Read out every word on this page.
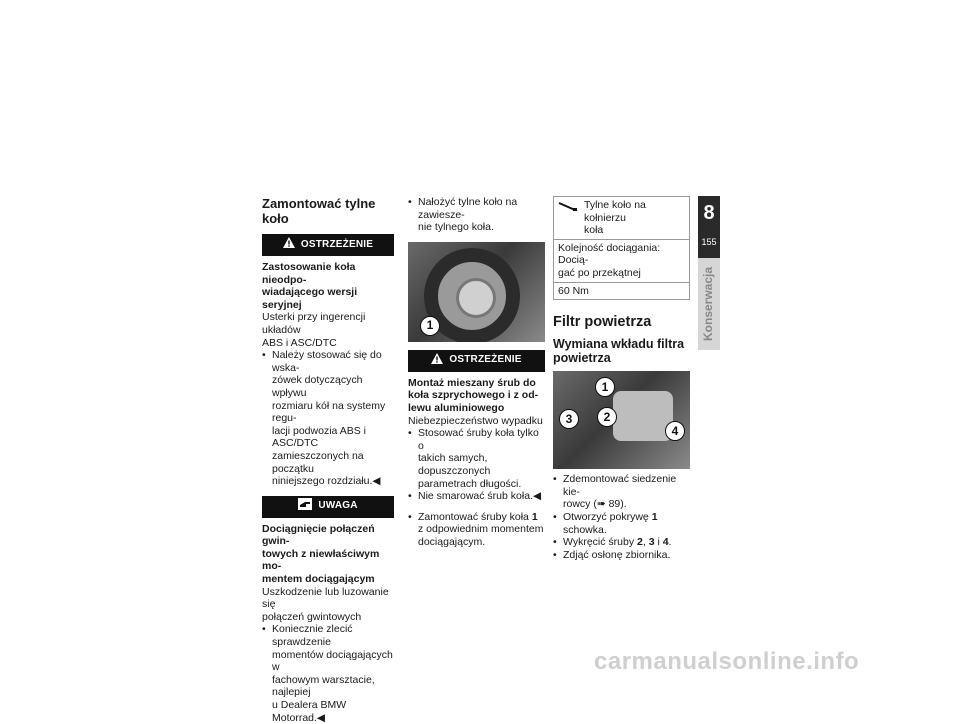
Zamontować tylne koło
OSTRZEŻENIE

Zastosowanie koła nieodpo-

wiadającego wersji seryjnej

Usterki przy ingerencji układów

ABS i ASC/DTC

• Należy stosować się do wska-
zówek dotyczących wpływu
rozmiaru kół na systemy regu-
lacji podwozia ABS i ASC/DTC
zamieszczonych na początku
niniejszego rozdziału.◀
UWAGA

Dociągnięcie połączeń gwin-

towych z niewłaściwym mo-

mentem dociągającym

Uszkodzenie lub luzowanie się

połączeń gwintowych

• Koniecznie zlecić sprawdzenie
momentów dociągających w
fachowym warsztacie, najlepiej
u Dealera BMW Motorrad.◀
• Nałożyć tylne koło na zawiesze-
nie tylnego koła.
1
OSTRZEŻENIE

Montaż mieszany śrub do

koła szprychowego i z od-

lewu aluminiowego

Niebezpieczeństwo wypadku

• Stosować śruby koła tylko o
takich samych, dopuszczonych
parametrach długości.
• Nie smarować śrub koła.◀
• Zamontować śruby koła 1
z odpowiednim momentem
dociągającym.
Tylne koło na kołnierzu
koła

Kolejność dociągania: Docią-
gać po przekątnej
60 Nm
Filtr powietrza
Wymiana wkładu filtra
powietrza
1
2
3
4
• Zdemontować siedzenie kie-
rowcy (➠ 89).
• Otworzyć pokrywę 1 schowka.
• Wykręcić śruby 2, 3 i 4.
• Zdjąć osłonę zbiornika.
8
155
Konserwacja
carmanualsonline.info
